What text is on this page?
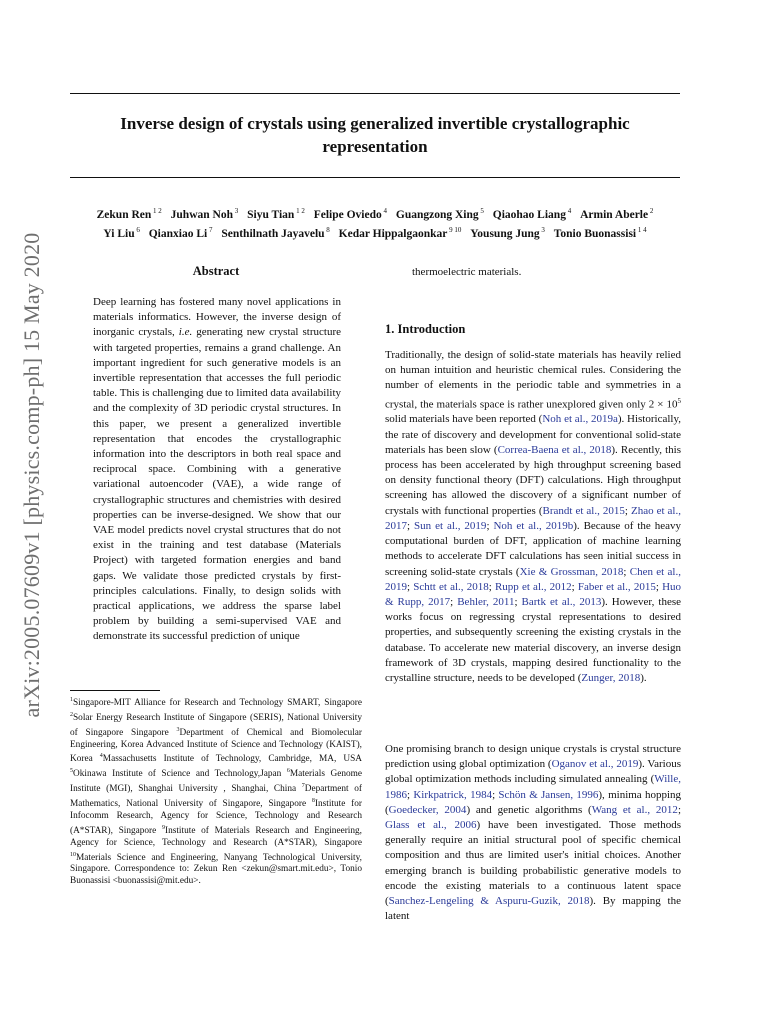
Inverse design of crystals using generalized invertible crystallographic representation
Zekun Ren $^{1 2}$ Juhwan Noh $^3$ Siyu Tian $^{1 2}$ Felipe Oviedo $^4$ Guangzong Xing $^5$ Qiaohao Liang $^4$ Armin Aberle $^2$
Yi Liu $^6$ Qianxiao Li $^7$ Senthilnath Jayavelu $^8$ Kedar Hippalgaonkar $^{9 10}$ Yousung Jung $^3$ Tonio Buonassisi $^{1 4}$
arXiv:2005.07609v1 [physics.comp-ph] 15 May 2020	Abstract
Deep learning has fostered many novel applications in materials informatics. However, the inverse design of inorganic crystals, i.e. generating new crystal structure with targeted properties, remains a grand challenge. An important ingredient for such generative models is an invertible representation that accesses the full periodic table. This is challenging due to limited data availability and the complexity of 3D periodic crystal structures. In this paper, we present a generalized invertible representation that encodes the crystallographic information into the descriptors in both real space and reciprocal space. Combining with a generative variational autoencoder (VAE), a wide range of crystallographic structures and chemistries with desired properties can be inverse-designed. We show that our VAE model predicts novel crystal structures that do not exist in the training and test database (Materials Project) with targeted formation energies and band gaps. We validate those predicted crystals by first-principles calculations. Finally, to design solids with practical applications, we address the sparse label problem by building a semi-supervised VAE and demonstrate its successful prediction of unique
$^1$Singapore-MIT Alliance for Research and Technology SMART, Singapore $^2$Solar Energy Research Institute of Singapore (SERIS), National University of Singapore Singapore $^3$Department of Chemical and Biomolecular Engineering, Korea Advanced Institute of Science and Technology (KAIST), Korea $^4$Massachusetts Institute of Technology, Cambridge, MA, USA $^5$Okinawa Institute of Science and Technology,Japan $^6$Materials Genome Institute (MGI), Shanghai University , Shanghai, China $^7$Department of Mathematics, National University of Singapore, Singapore $^8$Institute for Infocomm Research, Agency for Science, Technology and Research (A*STAR), Singapore $^9$Institute of Materials Research and Engineering, Agency for Science, Technology and Research (A*STAR), Singapore $^{10}$Materials Science and Engineering, Nanyang Technological University, Singapore. Correspondence to: Zekun Ren <zekun@smart.mit.edu>, Tonio Buonassisi <buonassisi@mit.edu>.
thermoelectric materials.
1. Introduction
Traditionally, the design of solid-state materials has heavily relied on human intuition and heuristic chemical rules. Considering the number of elements in the periodic table and symmetries in a crystal, the materials space is rather unexplored given only $2 \times 10^5$ solid materials have been reported (Noh et al., 2019a). Historically, the rate of discovery and development for conventional solid-state materials has been slow (Correa-Baena et al., 2018). Recently, this process has been accelerated by high throughput screening based on density functional theory (DFT) calculations. High throughput screening has allowed the discovery of a significant number of crystals with functional properties (Brandt et al., 2015; Zhao et al., 2017; Sun et al., 2019; Noh et al., 2019b). Because of the heavy computational burden of DFT, application of machine learning methods to accelerate DFT calculations has seen initial success in screening solid-state crystals (Xie & Grossman, 2018; Chen et al., 2019; Schtt et al., 2018; Rupp et al., 2012; Faber et al., 2015; Huo & Rupp, 2017; Behler, 2011; Bartk et al., 2013). However, these works focus on regressing crystal representations to desired properties, and subsequently screening the existing crystals in the database. To accelerate new material discovery, an inverse design framework of 3D crystals, mapping desired functionality to the crystalline structure, needs to be developed (Zunger, 2018).
One promising branch to design unique crystals is crystal structure prediction using global optimization (Oganov et al., 2019). Various global optimization methods including simulated annealing (Wille, 1986; Kirkpatrick, 1984; Schön & Jansen, 1996), minima hopping (Goedecker, 2004) and genetic algorithms (Wang et al., 2012; Glass et al., 2006) have been investigated. Those methods generally require an initial structural pool of specific chemical composition and thus are limited user's initial choices. Another emerging branch is building probabilistic generative models to encode the existing materials to a continuous latent space (Sanchez-Lengeling & Aspuru-Guzik, 2018). By mapping the latent
